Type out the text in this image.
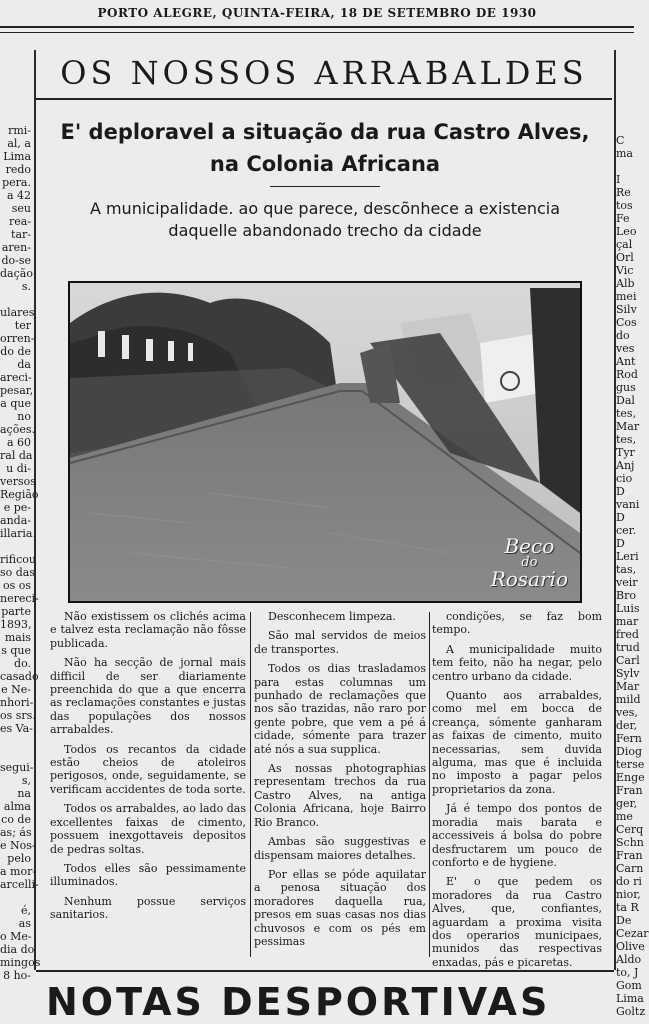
PORTO ALEGRE, QUINTA-FEIRA, 18 DE SETEMBRO DE 1930
OS NOSSOS ARRABALDES
E' deploravel a situação da rua Castro Alves,
na Colonia Africana
A municipalidade. ao que parece, descõnhece a existencia
daquelle abandonado trecho da cidade
Beco
do
Rosario

Não existissem os clichés acima e talvez esta reclamação não fôsse publicada.

Não ha secção de jornal mais difficil de ser diariamente preenchida do que a que encerra as reclamações constantes e justas das populações dos nossos arrabaldes.

Todos os recantos da cidade estão cheios de atoleiros perigosos, onde, seguidamente, se verificam accidentes de toda sorte.

Todos os arrabaldes, ao lado das excellentes faixas de cimento, possuem inexgottaveis depositos de pedras soltas.

Todos elles são pessimamente illuminados.

Nenhum possue serviços sanitarios.

Desconhecem limpeza.

São mal servidos de meios de transportes.

Todos os dias trasladamos para estas columnas um punhado de reclamações que nos são trazidas, não raro por gente pobre, que vem a pé á cidade, sómente para trazer até nós a sua supplica.

As nossas photographias representam trechos da rua Castro Alves, na antiga Colonia Africana, hoje Bairro Rio Branco.

Ambas são suggestivas e dispensam maiores detalhes.

Por ellas se póde aquilatar a penosa situação dos moradores daquella rua, presos em suas casas nos dias chuvosos e com os pés em pessimas

condições, se faz bom tempo.

A municipalidade muito tem feito, não ha negar, pelo centro urbano da cidade.

Quanto aos arrabaldes, como mel em bocca de creança, sómente ganharam as faixas de cimento, muito necessarias, sem duvida alguma, mas que é incluida no imposto a pagar pelos proprietarios da zona.

Já é tempo dos pontos de moradia mais barata e accessiveis á bolsa do pobre desfructarem um pouco de conforto e de hygiene.

E' o que pedem os moradores da rua Castro Alves, que, confiantes, aguardam a proxima visita dos operarios municipaes, munidos das respectivas enxadas, pás e picaretas.

rmi-
al, a
Lima
redo
pera.
a 42
seu
rea-
tar-
aren-
do-se
dação
s.
ulares
ter
orren-
do de
da
areci-
pesar,
a que
no
ações.
a 60
ral da
u di-
versos
Região
e pe-
anda-
illaria.
rificou
so das
os os
nereci-
parte
1893,
mais
s que
do.
casado
e Ne-
nhori-
os srs.
es Va-
segui-
s,
na
alma
co de
as; ás
e Nos-
pelo
a mor-
arcelli-
é,
as
o Me-
dia do
mingos
8 ho-
C
ma
I
Re
tos
Fe
Leo
çal
Orl
Vic
Alb
mei
Silv
Cos
do
ves
Ant
Rod
gus
Dal
tes,
Mar
tes,
Tyr
Anj
cio
D
vani
D
cer.
D
Leri
tas,
veir
Bro
Luis
mar
fred
trud
Carl
Sylv
Mar
mild
ves,
der,
Fern
Diog
terse
Enge
Fran
ger,
me
Cerq
Schn
Fran
Carn
do ri
nior,
ta R
De
Cezar
Olive
Aldo
to, J
Gom
Lima
Goltz
NOTAS DESPORTIVAS
